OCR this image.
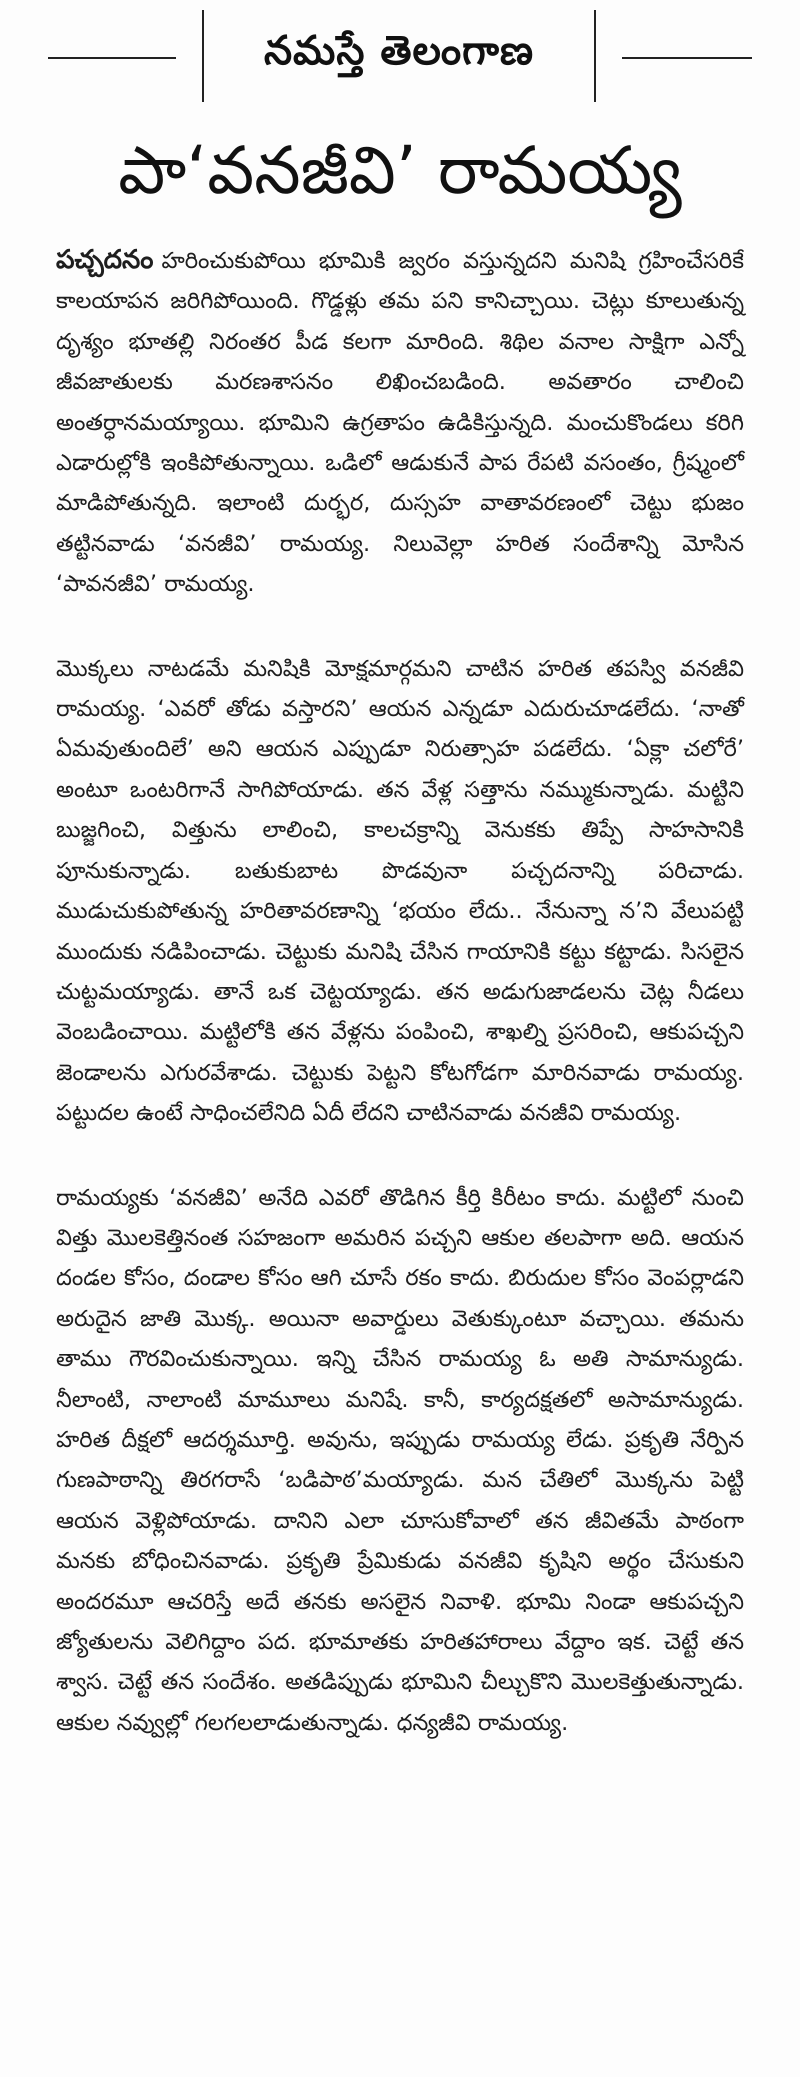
నమస్తే తెలంగాణ
పా‘వనజీవి’ రామయ్య

పచ్చదనం హరించుకుపోయి భూమికి జ్వరం వస్తున్నదని మనిషి గ్రహించేసరికే కాలయాపన జరిగిపోయింది. గొడ్డళ్లు తమ పని కానిచ్చాయి. చెట్లు కూలుతున్న దృశ్యం భూతల్లి నిరంతర పీడ కలగా మారింది. శిథిల వనాల సాక్షిగా ఎన్నో జీవజాతులకు మరణశాసనం లిఖించబడింది. అవతారం చాలించి అంతర్ధానమయ్యాయి. భూమిని ఉగ్రతాపం ఉడికిస్తున్నది. మంచుకొండలు కరిగి ఎడారుల్లోకి ఇంకిపోతున్నాయి. ఒడిలో ఆడుకునే పాప రేపటి వసంతం, గ్రీష్మంలో మాడిపోతున్నది. ఇలాంటి దుర్భర, దుస్సహ వాతావరణంలో చెట్టు భుజం తట్టినవాడు ‘వనజీవి’ రామయ్య. నిలువెల్లా హరిత సందేశాన్ని మోసిన ‘పావనజీవి’ రామయ్య.

మొక్కలు నాటడమే మనిషికి మోక్షమార్గమని చాటిన హరిత తపస్వి వనజీవి రామయ్య. ‘ఎవరో తోడు వస్తారని’ ఆయన ఎన్నడూ ఎదురుచూడలేదు. ‘నాతో ఏమవుతుందిలే’ అని ఆయన ఎప్పుడూ నిరుత్సాహ పడలేదు. ‘ఏక్లా చలోరే’ అంటూ ఒంటరిగానే సాగిపోయాడు. తన వేళ్ల సత్తాను నమ్ముకున్నాడు. మట్టిని బుజ్జగించి, విత్తును లాలించి, కాలచక్రాన్ని వెనుకకు తిప్పే సాహసానికి పూనుకున్నాడు. బతుకుబాట పొడవునా పచ్చదనాన్ని పరిచాడు. ముడుచుకుపోతున్న హరితావరణాన్ని ‘భయం లేదు.. నేనున్నా న’ని వేలుపట్టి ముందుకు నడిపించాడు. చెట్టుకు మనిషి చేసిన గాయానికి కట్టు కట్టాడు. సిసలైన చుట్టమయ్యాడు. తానే ఒక చెట్టయ్యాడు. తన అడుగుజాడలను చెట్ల నీడలు వెంబడించాయి. మట్టిలోకి తన వేళ్లను పంపించి, శాఖల్ని ప్రసరించి, ఆకుపచ్చని జెండాలను ఎగురవేశాడు. చెట్టుకు పెట్టని కోటగోడగా మారినవాడు రామయ్య. పట్టుదల ఉంటే సాధించలేనిది ఏదీ లేదని చాటినవాడు వనజీవి రామయ్య.

రామయ్యకు ‘వనజీవి’ అనేది ఎవరో తొడిగిన కీర్తి కిరీటం కాదు. మట్టిలో నుంచి విత్తు మొలకెత్తినంత సహజంగా అమరిన పచ్చని ఆకుల తలపాగా అది. ఆయన దండల కోసం, దండాల కోసం ఆగి చూసే రకం కాదు. బిరుదుల కోసం వెంపర్లాడని అరుదైన జాతి మొక్క. అయినా అవార్డులు వెతుక్కుంటూ వచ్చాయి. తమను తాము గౌరవించుకున్నాయి. ఇన్ని చేసిన రామయ్య ఓ అతి సామాన్యుడు. నీలాంటి, నాలాంటి మామూలు మనిషే. కానీ, కార్యదక్షతలో అసామాన్యుడు. హరిత దీక్షలో ఆదర్శమూర్తి. అవును, ఇప్పుడు రామయ్య లేడు. ప్రకృతి నేర్పిన గుణపాఠాన్ని తిరగరాసే ‘బడిపాఠ’మయ్యాడు. మన చేతిలో మొక్కను పెట్టి ఆయన వెళ్లిపోయాడు. దానిని ఎలా చూసుకోవాలో తన జీవితమే పాఠంగా మనకు బోధించినవాడు. ప్రకృతి ప్రేమికుడు వనజీవి కృషిని అర్థం చేసుకుని అందరమూ ఆచరిస్తే అదే తనకు అసలైన నివాళి. భూమి నిండా ఆకుపచ్చని జ్యోతులను వెలిగిద్దాం పద. భూమాతకు హరితహారాలు వేద్దాం ఇక. చెట్టే తన శ్వాస. చెట్టే తన సందేశం. అతడిప్పుడు భూమిని చీల్చుకొని మొలకెత్తుతున్నాడు. ఆకుల నవ్వుల్లో గలగలలాడుతున్నాడు. ధన్యజీవి రామయ్య.
